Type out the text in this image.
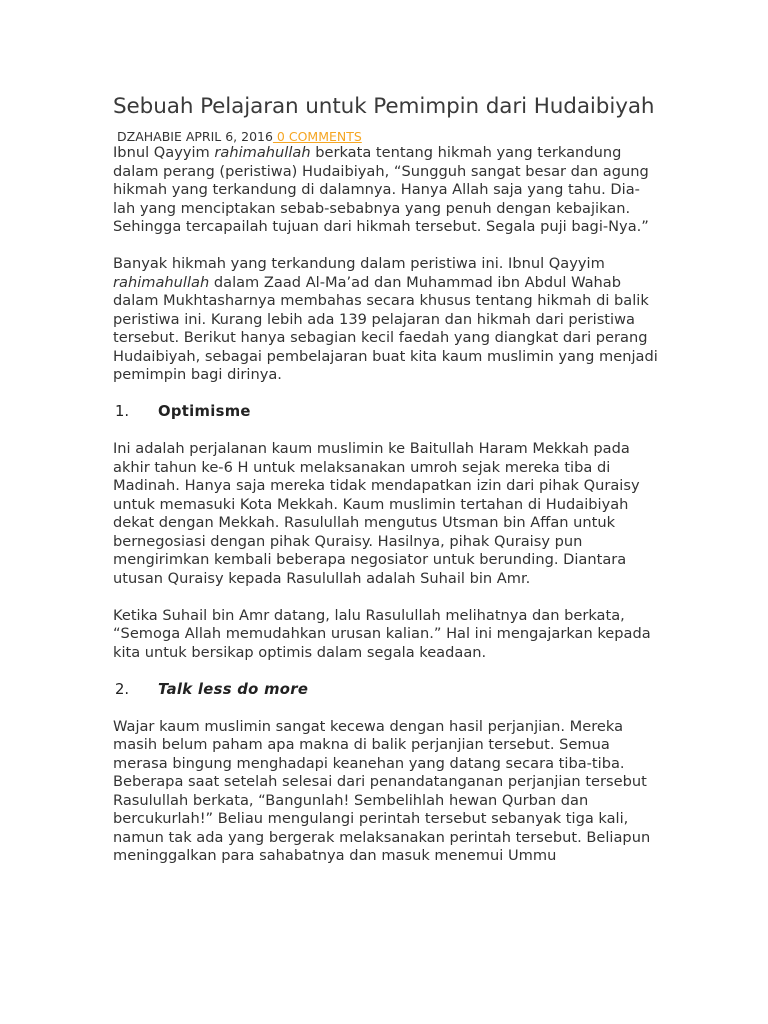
Sebuah Pelajaran untuk Pemimpin dari Hudaibiyah
DZAHABIE APRIL 6, 2016 0 COMMENTS

Ibnul Qayyim rahimahullah berkata tentang hikmah yang terkandung dalam perang (peristiwa) Hudaibiyah, “Sungguh sangat besar dan agung hikmah yang terkandung di dalamnya. Hanya Allah saja yang tahu. Dia-lah yang menciptakan sebab-sebabnya yang penuh dengan kebajikan. Sehingga tercapailah tujuan dari hikmah tersebut. Segala puji bagi-Nya.”

Banyak hikmah yang terkandung dalam peristiwa ini. Ibnul Qayyim rahimahullah dalam Zaad Al-Ma’ad dan Muhammad ibn Abdul Wahab dalam Mukhtasharnya membahas secara khusus tentang hikmah di balik peristiwa ini. Kurang lebih ada 139 pelajaran dan hikmah dari peristiwa tersebut. Berikut hanya sebagian kecil faedah yang diangkat dari perang Hudaibiyah, sebagai pembelajaran buat kita kaum muslimin yang menjadi pemimpin bagi dirinya.

1. Optimisme

Ini adalah perjalanan kaum muslimin ke Baitullah Haram Mekkah pada akhir tahun ke-6 H untuk melaksanakan umroh sejak mereka tiba di Madinah. Hanya saja mereka tidak mendapatkan izin dari pihak Quraisy untuk memasuki Kota Mekkah. Kaum muslimin tertahan di Hudaibiyah dekat dengan Mekkah. Rasulullah mengutus Utsman bin Affan untuk bernegosiasi dengan pihak Quraisy. Hasilnya, pihak Quraisy pun mengirimkan kembali beberapa negosiator untuk berunding. Diantara utusan Quraisy kepada Rasulullah adalah Suhail bin Amr.

Ketika Suhail bin Amr datang, lalu Rasulullah melihatnya dan berkata, “Semoga Allah memudahkan urusan kalian.” Hal ini mengajarkan kepada kita untuk bersikap optimis dalam segala keadaan.

2. Talk less do more

Wajar kaum muslimin sangat kecewa dengan hasil perjanjian. Mereka masih belum paham apa makna di balik perjanjian tersebut. Semua merasa bingung menghadapi keanehan yang datang secara tiba-tiba. Beberapa saat setelah selesai dari penandatanganan perjanjian tersebut Rasulullah berkata, “Bangunlah! Sembelihlah hewan Qurban dan bercukurlah!” Beliau mengulangi perintah tersebut sebanyak tiga kali, namun tak ada yang bergerak melaksanakan perintah tersebut. Beliapun meninggalkan para sahabatnya dan masuk menemui Ummu
